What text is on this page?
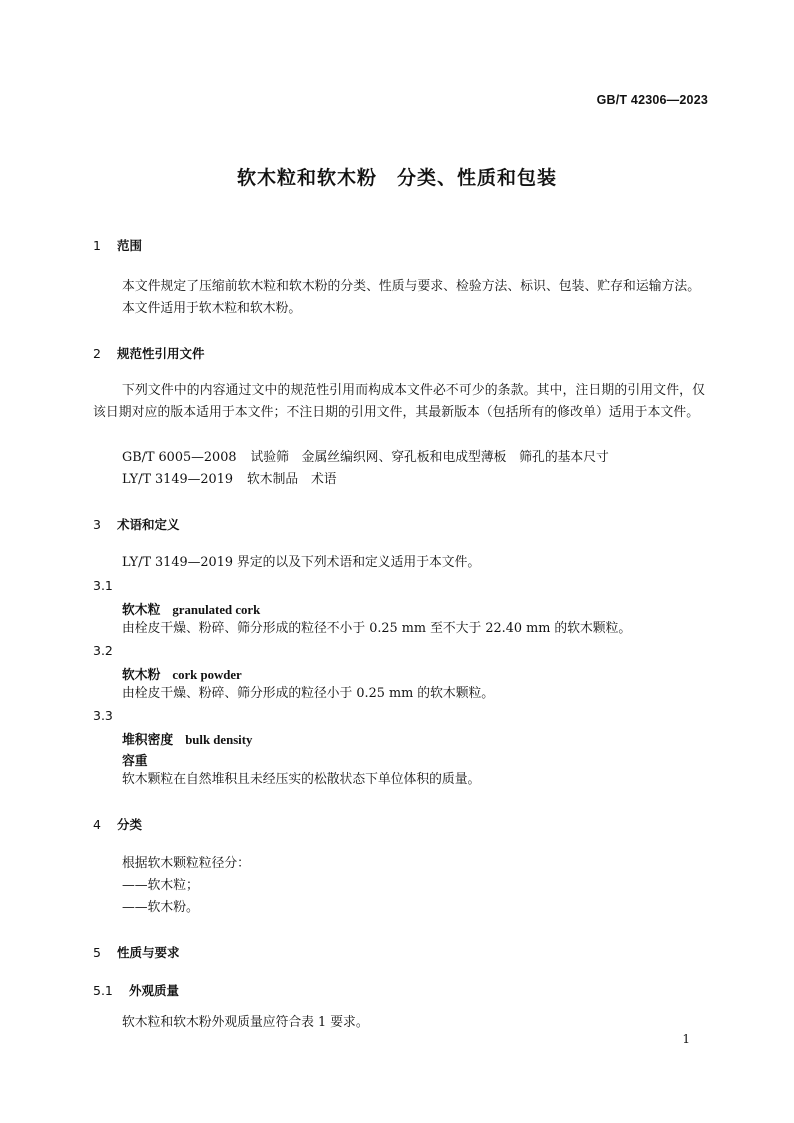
GB/T 42306—2023
软木粒和软木粉　分类、性质和包装
1 范围
本文件规定了压缩前软木粒和软木粉的分类、性质与要求、检验方法、标识、包装、贮存和运输方法。
本文件适用于软木粒和软木粉。
2 规范性引用文件
下列文件中的内容通过文中的规范性引用而构成本文件必不可少的条款。其中，注日期的引用文件，仅该日期对应的版本适用于本文件；不注日期的引用文件，其最新版本（包括所有的修改单）适用于本文件。
GB/T 6005—2008 试验筛　金属丝编织网、穿孔板和电成型薄板　筛孔的基本尺寸
LY/T 3149—2019 软木制品　术语
3 术语和定义
LY/T 3149—2019 界定的以及下列术语和定义适用于本文件。
3.1
软木粒 granulated cork
由栓皮干燥、粉碎、筛分形成的粒径不小于 0.25 mm 至不大于 22.40 mm 的软木颗粒。
3.2
软木粉 cork powder
由栓皮干燥、粉碎、筛分形成的粒径小于 0.25 mm 的软木颗粒。
3.3
堆积密度 bulk density
容重
软木颗粒在自然堆积且未经压实的松散状态下单位体积的质量。
4 分类
根据软木颗粒粒径分：
——软木粒；
——软木粉。
5 性质与要求
5.1 外观质量
软木粒和软木粉外观质量应符合表 1 要求。
1
